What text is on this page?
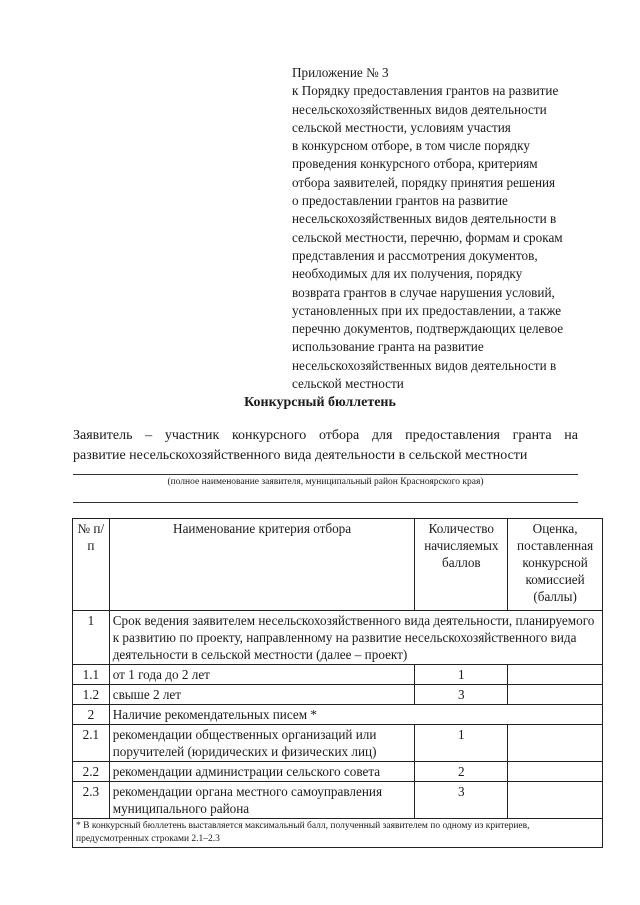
Приложение № 3
к Порядку предоставления грантов на развитие
несельскохозяйственных видов деятельности
сельской местности, условиям участия
в конкурсном отборе, в том числе порядку
проведения конкурсного отбора, критериям
отбора заявителей, порядку принятия решения
о предоставлении грантов на развитие
несельскохозяйственных видов деятельности в
сельской местности, перечню, формам и срокам
представления и рассмотрения документов,
необходимых для их получения, порядку
возврата грантов в случае нарушения условий,
установленных при их предоставлении, а также
перечню документов, подтверждающих целевое
использование гранта на развитие
несельскохозяйственных видов деятельности в
сельской местности
Конкурсный бюллетень
Заявитель – участник конкурсного отбора для предоставления гранта на
развитие несельскохозяйственного вида деятельности в сельской местности
(полное наименование заявителя, муниципальный район Красноярского края)
№ п/п	Наименование критерия отбора	Количество начисляемых баллов	Оценка, поставленная конкурсной комиссией (баллы)
1	Срок ведения заявителем несельскохозяйственного вида деятельности, планируемого к развитию по проекту, направленному на развитие несельскохозяйственного вида деятельности в сельской местности (далее – проект)		
1.1	от 1 года до 2 лет	1	
1.2	свыше 2 лет	3	
2	Наличие рекомендательных писем *		
2.1	рекомендации общественных организаций или поручителей (юридических и физических лиц)	1	
2.2	рекомендации администрации сельского совета	2	
2.3	рекомендации органа местного самоуправления муниципального района	3	
* В конкурсный бюллетень выставляется максимальный балл, полученный заявителем по одному из критериев, предусмотренных строками 2.1–2.3			
